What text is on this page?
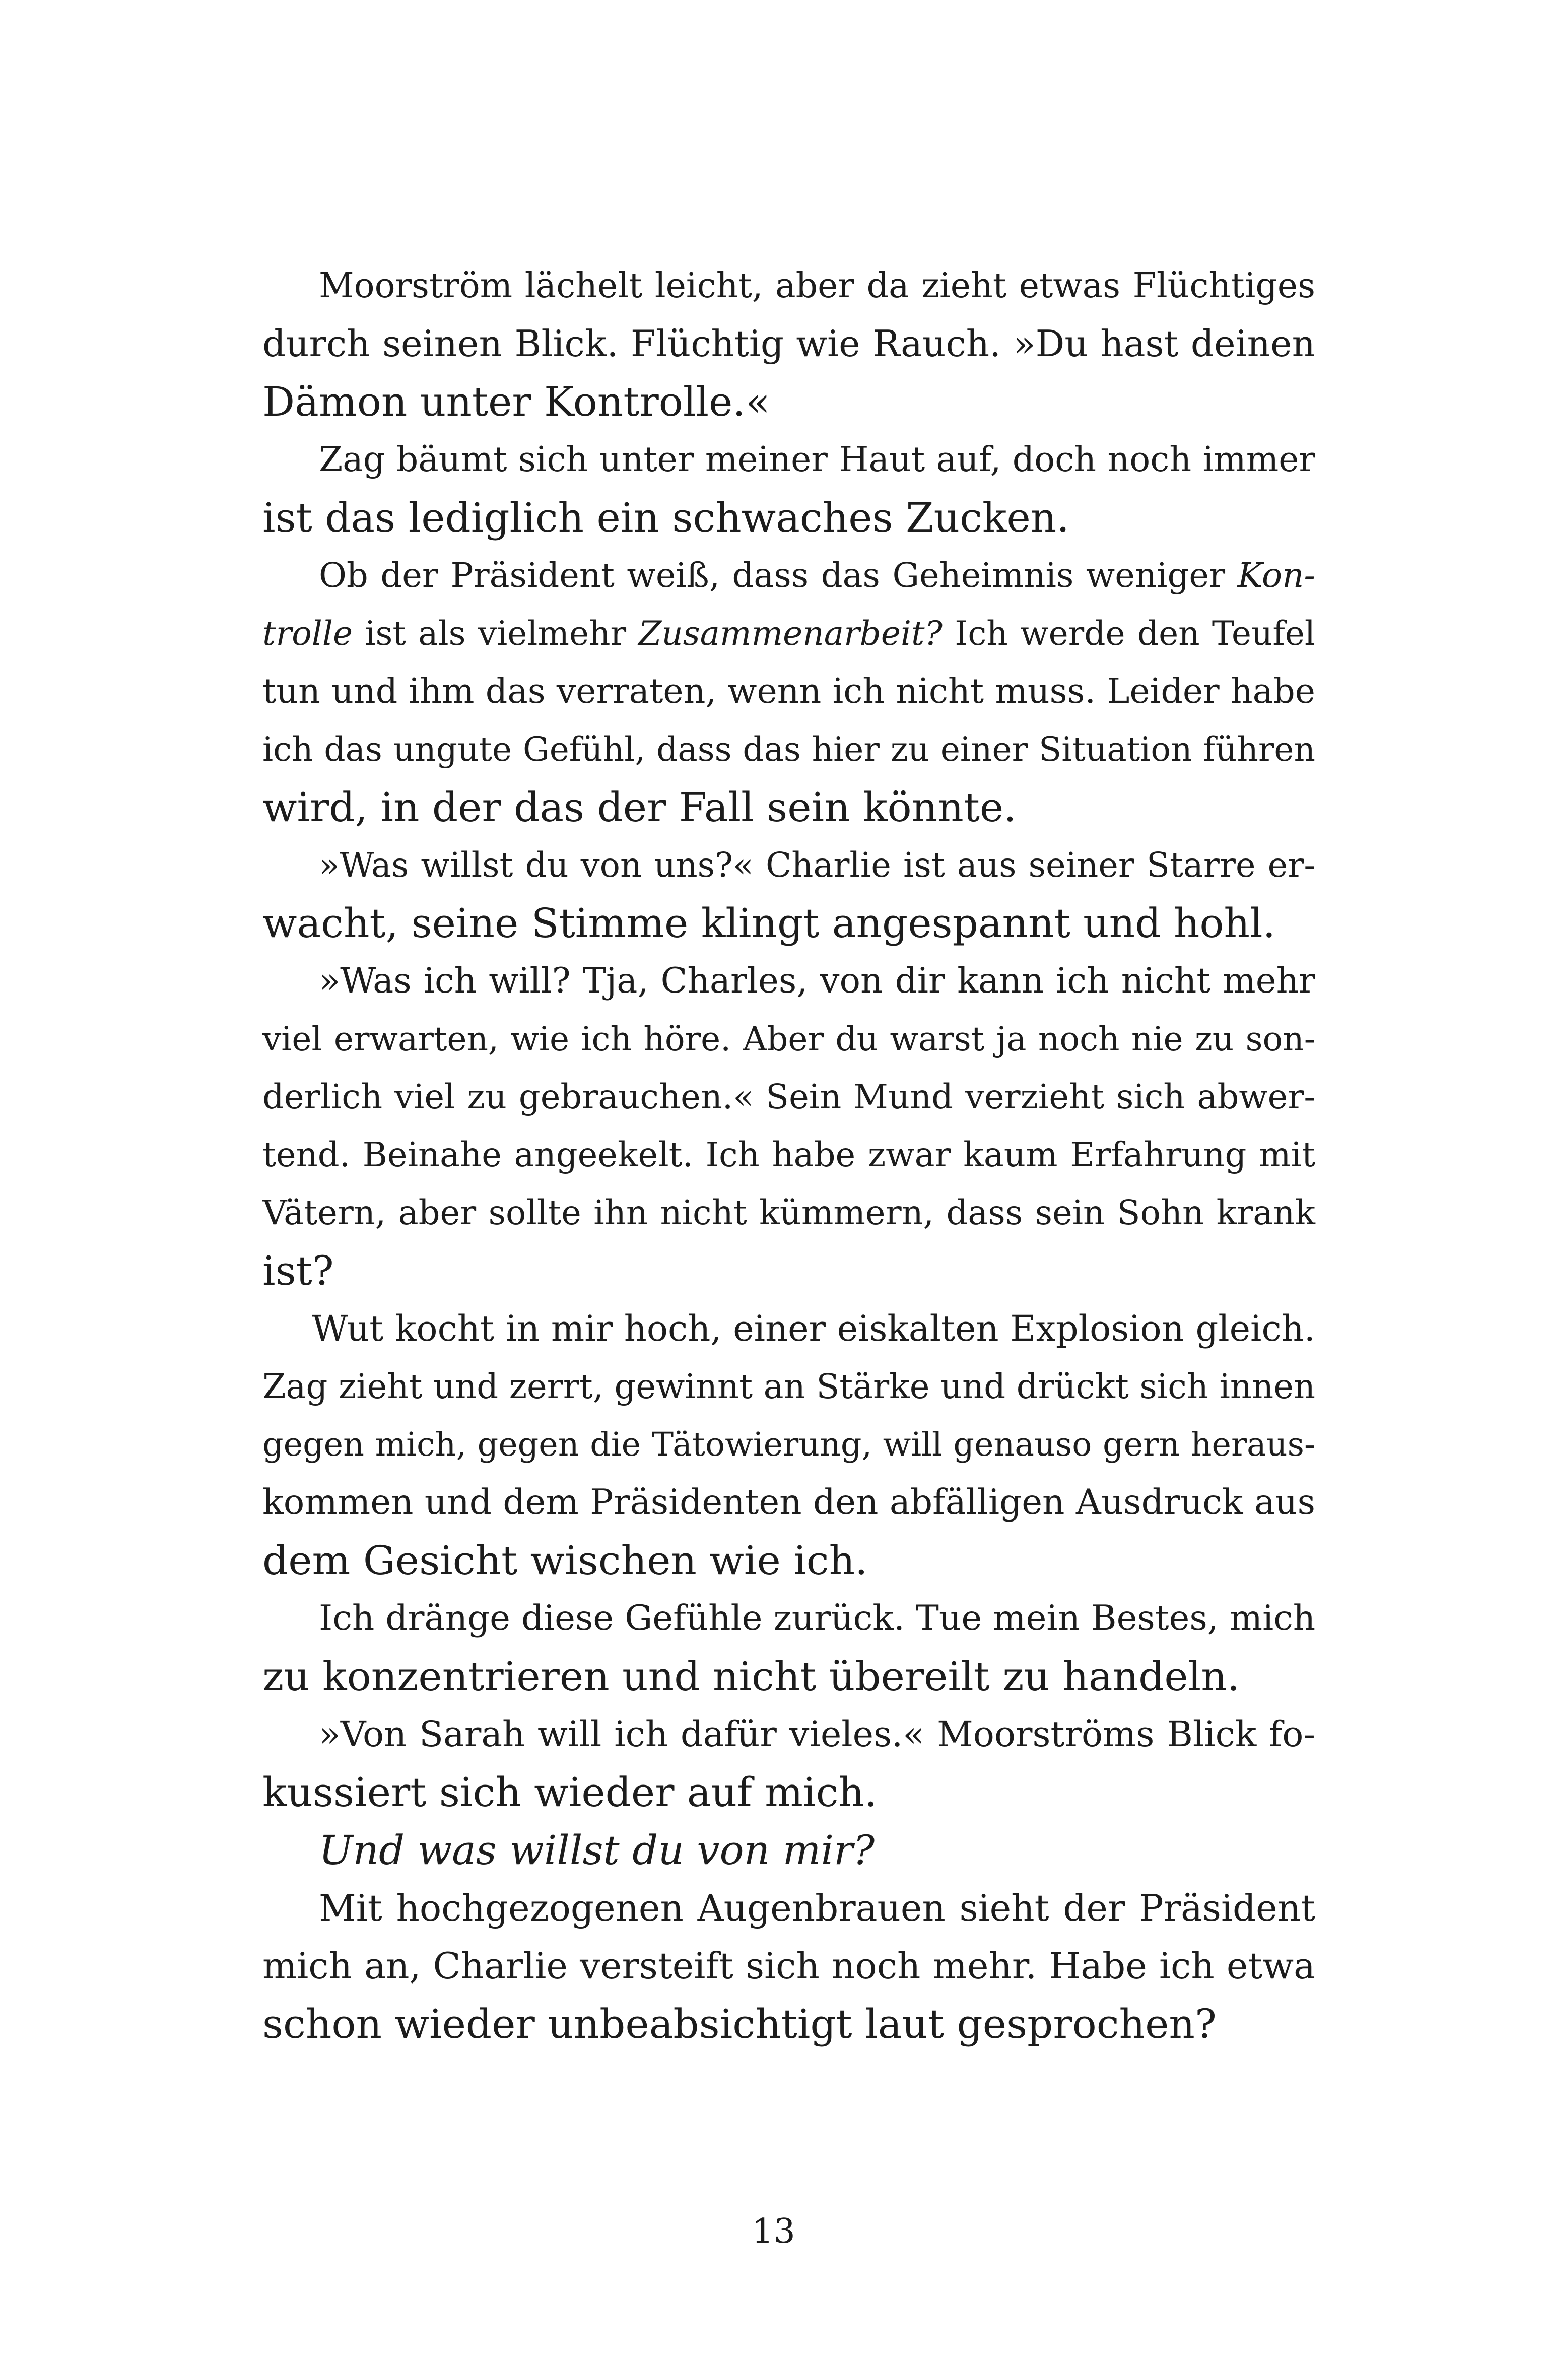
Moorström lächelt leicht, aber da zieht etwas Flüchtiges
durch seinen Blick. Flüchtig wie Rauch. »Du hast deinen
Dämon unter Kontrolle.«
Zag bäumt sich unter meiner Haut auf, doch noch immer
ist das lediglich ein schwaches Zucken.
Ob der Präsident weiß, dass das Geheimnis weniger Kon-
trolle ist als vielmehr Zusammenarbeit? Ich werde den Teufel
tun und ihm das verraten, wenn ich nicht muss. Leider habe
ich das ungute Gefühl, dass das hier zu einer Situation führen
wird, in der das der Fall sein könnte.
»Was willst du von uns?« Charlie ist aus seiner Starre er-
wacht, seine Stimme klingt angespannt und hohl.
»Was ich will? Tja, Charles, von dir kann ich nicht mehr
viel erwarten, wie ich höre. Aber du warst ja noch nie zu son-
derlich viel zu gebrauchen.« Sein Mund verzieht sich abwer-
tend. Beinahe angeekelt. Ich habe zwar kaum Erfahrung mit
Vätern, aber sollte ihn nicht kümmern, dass sein Sohn krank
ist?
Wut kocht in mir hoch, einer eiskalten Explosion gleich.
Zag zieht und zerrt, gewinnt an Stärke und drückt sich innen
gegen mich, gegen die Tätowierung, will genauso gern heraus-
kommen und dem Präsidenten den abfälligen Ausdruck aus
dem Gesicht wischen wie ich.
Ich dränge diese Gefühle zurück. Tue mein Bestes, mich
zu konzentrieren und nicht übereilt zu handeln.
»Von Sarah will ich dafür vieles.« Moorströms Blick fo-
kussiert sich wieder auf mich.
Und was willst du von mir?
Mit hochgezogenen Augenbrauen sieht der Präsident
mich an, Charlie versteift sich noch mehr. Habe ich etwa
schon wieder unbeabsichtigt laut gesprochen?
13
